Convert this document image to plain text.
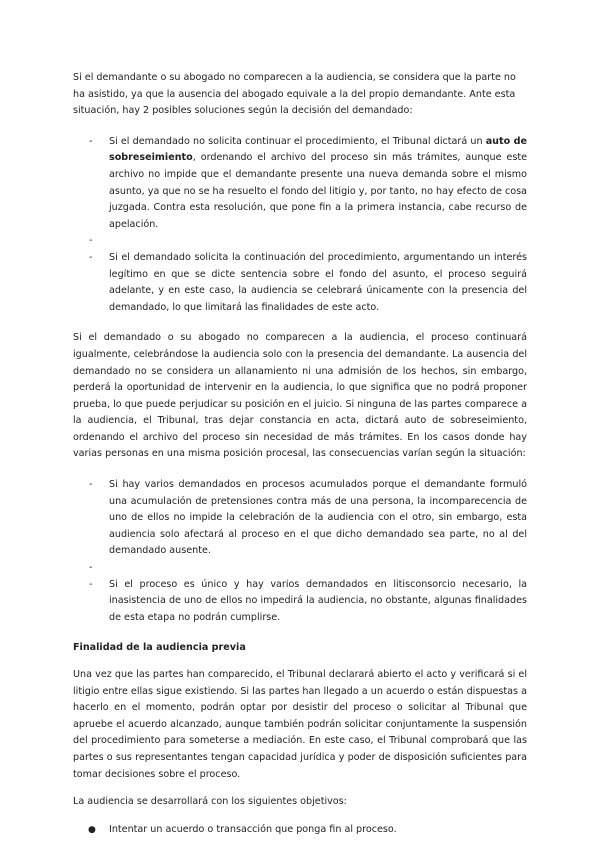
Si el demandante o su abogado no comparecen a la audiencia, se considera que la parte no ha asistido, ya que la ausencia del abogado equivale a la del propio demandante. Ante esta situación, hay 2 posibles soluciones según la decisión del demandado:

- Si el demandado no solicita continuar el procedimiento, el Tribunal dictará un auto de sobreseimiento, ordenando el archivo del proceso sin más trámites, aunque este archivo no impide que el demandante presente una nueva demanda sobre el mismo asunto, ya que no se ha resuelto el fondo del litigio y, por tanto, no hay efecto de cosa juzgada. Contra esta resolución, que pone fin a la primera instancia, cabe recurso de apelación.
-
- Si el demandado solicita la continuación del procedimiento, argumentando un interés legítimo en que se dicte sentencia sobre el fondo del asunto, el proceso seguirá adelante, y en este caso, la audiencia se celebrará únicamente con la presencia del demandado, lo que limitará las finalidades de este acto.

Si el demandado o su abogado no comparecen a la audiencia, el proceso continuará igualmente, celebrándose la audiencia solo con la presencia del demandante. La ausencia del demandado no se considera un allanamiento ni una admisión de los hechos, sin embargo, perderá la oportunidad de intervenir en la audiencia, lo que significa que no podrá proponer prueba, lo que puede perjudicar su posición en el juicio. Si ninguna de las partes comparece a la audiencia, el Tribunal, tras dejar constancia en acta, dictará auto de sobreseimiento, ordenando el archivo del proceso sin necesidad de más trámites. En los casos donde hay varias personas en una misma posición procesal, las consecuencias varían según la situación:

- Si hay varios demandados en procesos acumulados porque el demandante formuló una acumulación de pretensiones contra más de una persona, la incomparecencia de uno de ellos no impide la celebración de la audiencia con el otro, sin embargo, esta audiencia solo afectará al proceso en el que dicho demandado sea parte, no al del demandado ausente.
-
- Si el proceso es único y hay varios demandados en litisconsorcio necesario, la inasistencia de uno de ellos no impedirá la audiencia, no obstante, algunas finalidades de esta etapa no podrán cumplirse.

Finalidad de la audiencia previa

Una vez que las partes han comparecido, el Tribunal declarará abierto el acto y verificará si el litigio entre ellas sigue existiendo. Si las partes han llegado a un acuerdo o están dispuestas a hacerlo en el momento, podrán optar por desistir del proceso o solicitar al Tribunal que apruebe el acuerdo alcanzado, aunque también podrán solicitar conjuntamente la suspensión del procedimiento para someterse a mediación. En este caso, el Tribunal comprobará que las partes o sus representantes tengan capacidad jurídica y poder de disposición suficientes para tomar decisiones sobre el proceso.

La audiencia se desarrollará con los siguientes objetivos:

● Intentar un acuerdo o transacción que ponga fin al proceso.
